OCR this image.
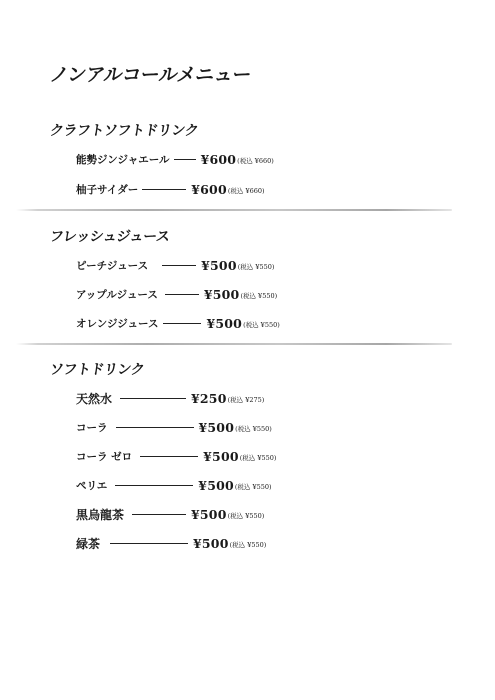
ノンアルコールメニュー
クラフトソフトドリンク
能勢ジンジャエール ¥600 (税込 ¥660)
柚子サイダー	¥600 (税込 ¥660)
フレッシュジュース
ピーチジュース	¥500 (税込 ¥550)
アップルジュース	¥500 (税込 ¥550)
オレンジジュース	¥500 (税込 ¥550)
ソフトドリンク
天然水	¥250 (税込 ¥275)
コーラ	¥500 (税込 ¥550)
コーラ ゼロ	¥500 (税込 ¥550)
ペリエ	¥500 (税込 ¥550)
黒烏龍茶	¥500 (税込 ¥550)
緑茶	¥500 (税込 ¥550)
